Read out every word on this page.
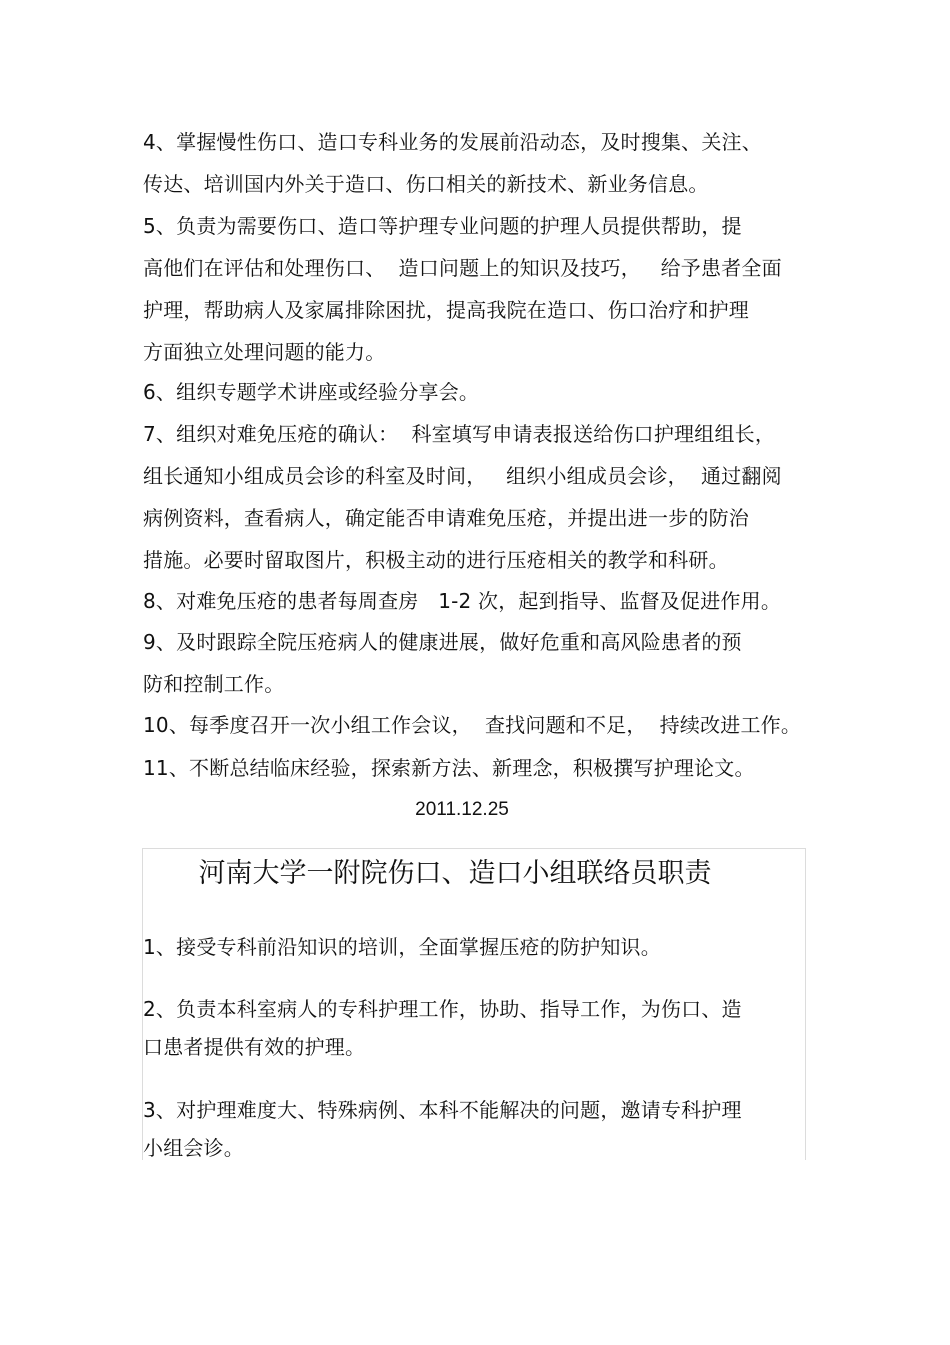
4、掌握慢性伤口、造口专科业务的发展前沿动态，及时搜集、关注、
传达、培训国内外关于造口、伤口相关的新技术、新业务信息。
5、负责为需要伤口、造口等护理专业问题的护理人员提供帮助，提
高他们在评估和处理伤口、  造口问题上的知识及技巧，   给予患者全面
护理，帮助病人及家属排除困扰，提高我院在造口、伤口治疗和护理
方面独立处理问题的能力。
6、组织专题学术讲座或经验分享会。
7、组织对难免压疮的确认：  科室填写申请表报送给伤口护理组组长，
组长通知小组成员会诊的科室及时间，   组织小组成员会诊，  通过翻阅
病例资料，查看病人，确定能否申请难免压疮，并提出进一步的防治
措施。必要时留取图片，积极主动的进行压疮相关的教学和科研。
8、对难免压疮的患者每周查房   1-2 次，起到指导、监督及促进作用。
9、及时跟踪全院压疮病人的健康进展，做好危重和高风险患者的预
防和控制工作。
10、每季度召开一次小组工作会议，  查找问题和不足，  持续改进工作。
11、不断总结临床经验，探索新方法、新理念，积极撰写护理论文。
2011.12.25
河南大学一附院伤口、造口小组联络员职责
1、接受专科前沿知识的培训，全面掌握压疮的防护知识。
2、负责本科室病人的专科护理工作，协助、指导工作，为伤口、造
口患者提供有效的护理。
3、对护理难度大、特殊病例、本科不能解决的问题，邀请专科护理
小组会诊。
